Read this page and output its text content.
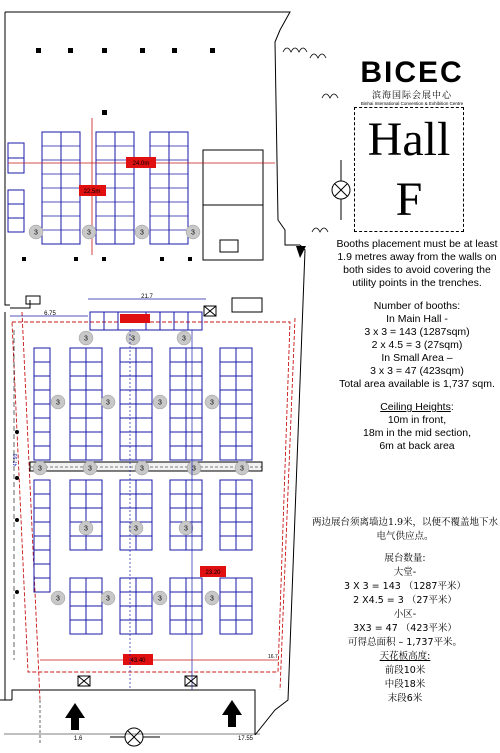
24.0m
22.5m
21.7
6.75
3	3	3	3
3	3	3
3	3	3	3
3	3	3
3	3	3	3
3	3	3	3	3
23.20
43.40
47.95
16.7
1.6	17.55
BICEC
滨海国际会展中心
Binhai International Convention & Exhibition Centre
Hall
F

Booths placement must be at least 1.9 metres away from the walls on both sides to avoid covering the utility points in the trenches.

Number of booths:

In Main Hall -

3 x 3 = 143 (1287sqm)

2 x 4.5 = 3 (27sqm)

In Small Area –

3 x 3 = 47 (423sqm)

Total area available is 1,737 sqm.

Ceiling Heights:

10m in front,

18m in the mid section,

6m at back area

两边展台须离墙边1.9米，以便不覆盖地下水电气供应点。

展台数量:

大堂-

3 X 3 = 143 （1287平米）

2 X4.5 = 3 （27平米）

小区-

3X3 = 47 （423平米）

可得总面积 – 1,737平米。

天花板高度:

前段10米

中段18米

末段6米
